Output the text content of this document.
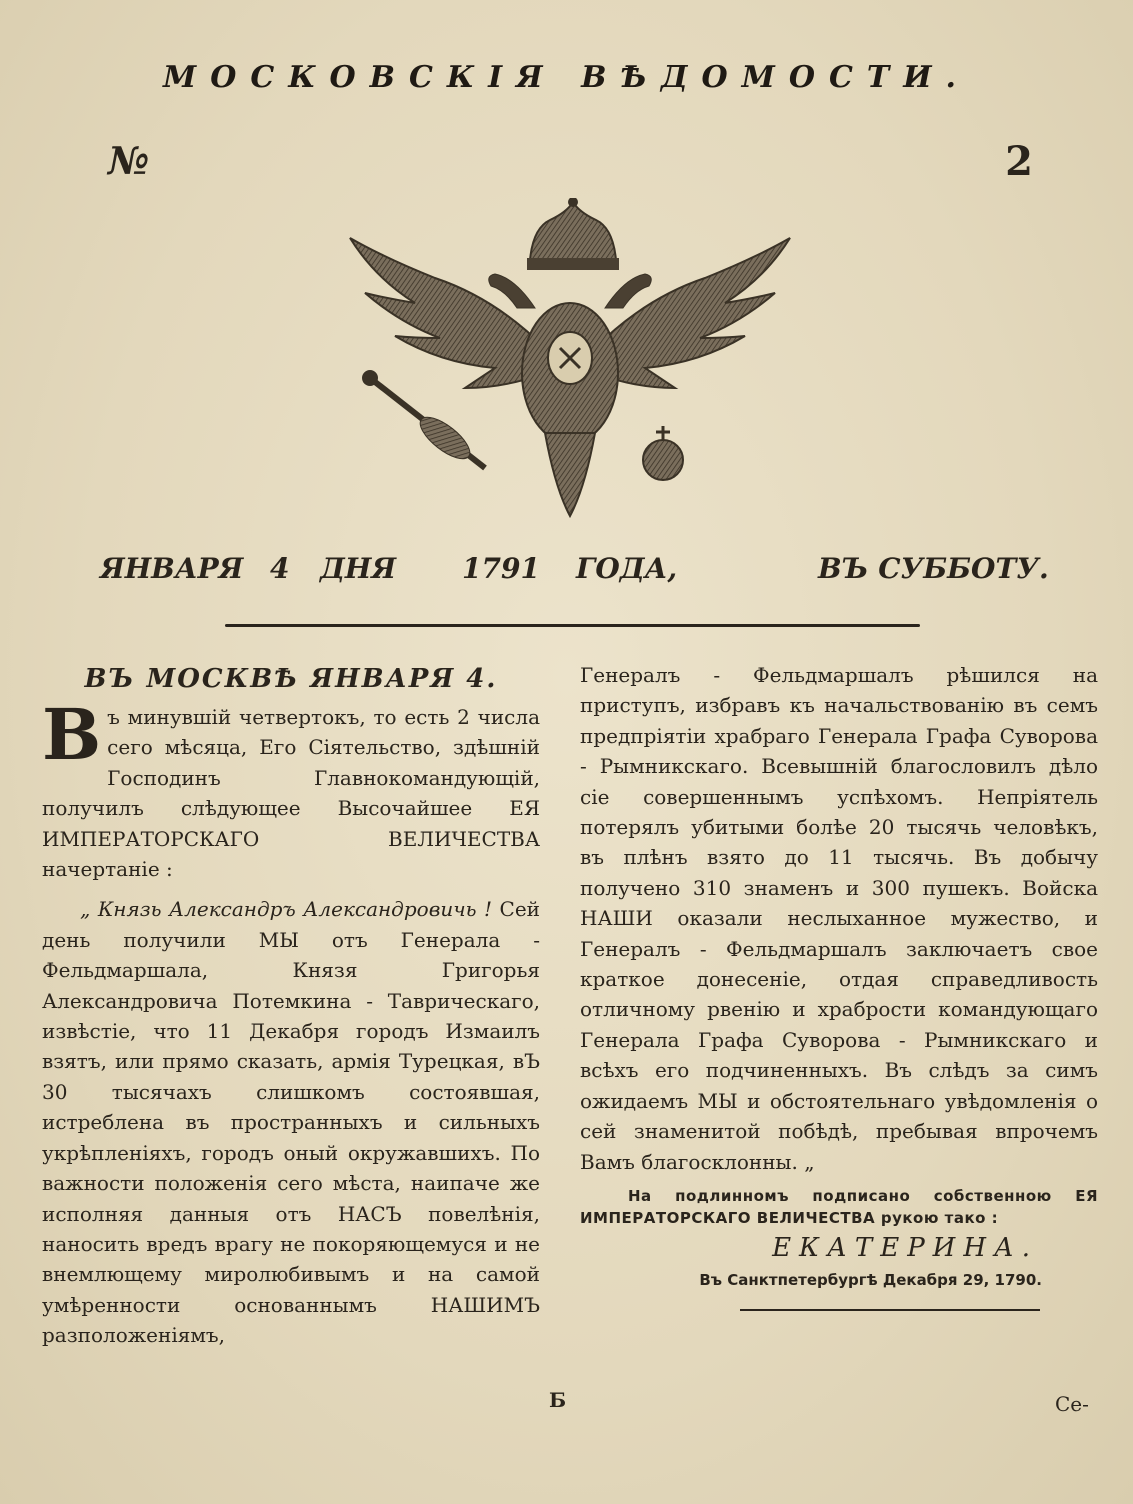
МОСКОВСКІЯ ВѢДОМОСТИ.
№	2
ЯНВАРЯ 4 ДНЯ 1791 ГОДА,	ВЪ СУББОТУ.
ВЪ МОСКВѢ ЯНВАРЯ 4.

Въ минувшій четвертокъ, то есть 2 числа сего мѣсяца, Его Сіятельство, здѣшній Господинъ Главнокомандующій, получилъ слѣдующее Высочайшее ЕЯ ИМПЕРАТОРСКАГО ВЕЛИЧЕСТВА начертаніе :

„ Князь Александръ Александровичь ! Сей день получили МЫ отъ Генерала - Фельдмаршала, Князя Григорья Александровича Потемкина - Таврическаго, извѣстіе, что 11 Декабря городъ Измаилъ взятъ, или прямо сказать, армія Турецкая, вЪ 30 тысячахъ слишкомъ состоявшая, истреблена въ пространныхъ и сильныхъ укрѣпленіяхъ, городъ оный окружавшихъ. По важности положенія сего мѣста, наипаче же исполняя данныя отъ НАСЪ повелѣнія, наносить вредъ врагу не покоряющемуся и не внемлющему миролюбивымъ и на самой умѣренности основаннымъ НАШИМЪ разположеніямъ,

Б

Генералъ - Фельдмаршалъ рѣшился на приступъ, избравъ къ начальствованію въ семъ предпріятіи храбраго Генерала Графа Суворова - Рымникскаго. Всевышній благословилъ дѣло сіе совершеннымъ успѣхомъ. Непріятель потерялъ убитыми болѣе 20 тысячь человѣкъ, въ плѣнъ взято до 11 тысячь. Въ добычу получено 310 знаменъ и 300 пушекъ. Войска НАШИ оказали неслыханное мужество, и Генералъ - Фельдмаршалъ заключаетъ свое краткое донесеніе, отдая справедливость отличному рвенію и храбрости командующаго Генерала Графа Суворова - Рымникскаго и всѣхъ его подчиненныхъ. Въ слѣдъ за симъ ожидаемъ МЫ и обстоятельнаго увѣдомленія о сей знаменитой побѣдѣ, пребывая впрочемъ Вамъ благосклонны. „

На подлинномъ подписано собственною ЕЯ ИМПЕРАТОРСКАГО ВЕЛИЧЕСТВА рукою тако :

ЕКАТЕРИНА.

Въ Санктпетербургѣ Декабря 29, 1790.

Се-
